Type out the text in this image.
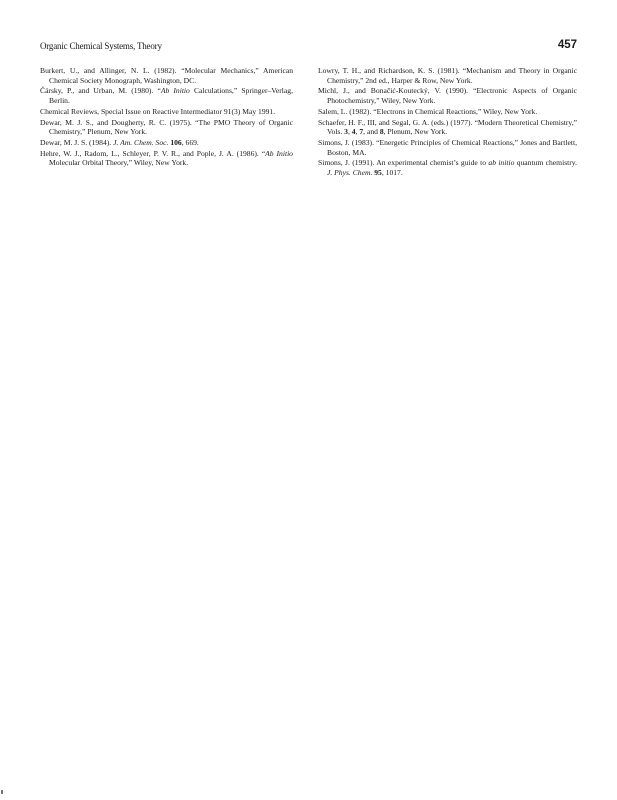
Organic Chemical Systems, Theory	457

Burkert, U., and Allinger, N. L. (1982). “Molecular Mechanics,” American Chemical Society Monograph, Washington, DC.

Čársky, P., and Urban, M. (1980). “Ab Initio Calculations,” Springer–Verlag, Berlin.

Chemical Reviews, Special Issue on Reactive Intermediator 91(3) May 1991.

Dewar, M. J. S., and Dougherty, R. C. (1975). “The PMO Theory of Organic Chemistry,” Plenum, New York.

Dewar, M. J. S. (1984). J. Am. Chem. Soc. 106, 669.

Hehre, W. J., Radom, L., Schleyer, P. V. R., and Pople, J. A. (1986). “Ab Initio Molecular Orbital Theory,” Wiley, New York.

Lowry, T. H., and Richardson, K. S. (1981). “Mechanism and Theory in Organic Chemistry,” 2nd ed., Harper & Row, New York.

Michl, J., and Bonačić-Koutecký, V. (1990). “Electronic Aspects of Organic Photochemistry,” Wiley, New York.

Salem, L. (1982). “Electrons in Chemical Reactions,” Wiley, New York.

Schaefer, H. F., III, and Segal, G. A. (eds.) (1977). “Modern Theoretical Chemistry,” Vols. 3, 4, 7, and 8, Plenum, New York.

Simons, J. (1983). “Energetic Principles of Chemical Reactions,” Jones and Bartlett, Boston, MA.

Simons, J. (1991). An experimental chemist’s guide to ab initio quantum chemistry. J. Phys. Chem. 95, 1017.
